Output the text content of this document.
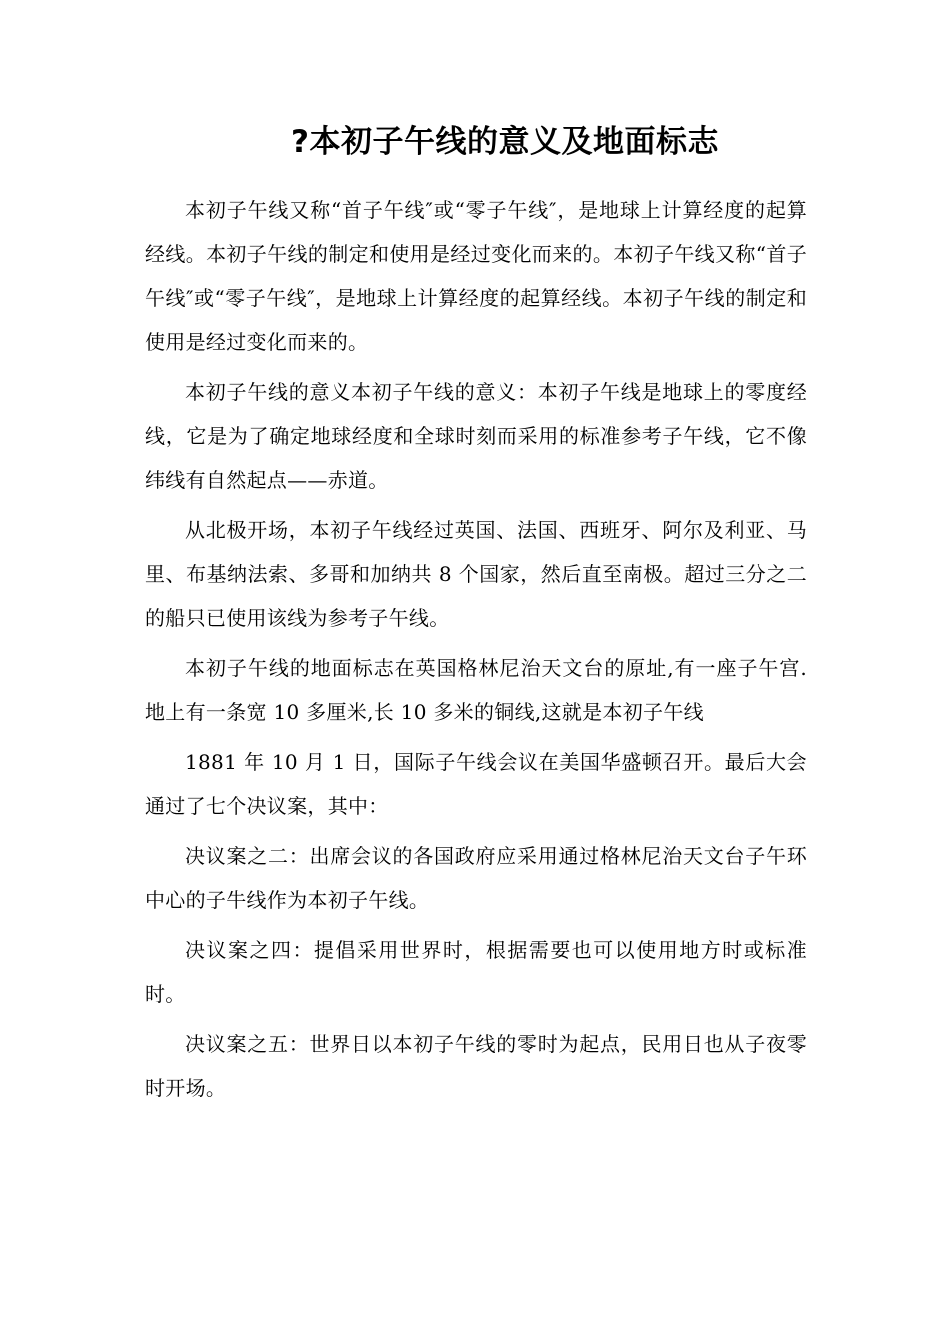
?本初子午线的意义及地面标志

本初子午线又称“首子午线″或“零子午线″，是地球上计算经度的起算经线。本初子午线的制定和使用是经过变化而来的。本初子午线又称“首子午线″或“零子午线″，是地球上计算经度的起算经线。本初子午线的制定和使用是经过变化而来的。

本初子午线的意义本初子午线的意义：本初子午线是地球上的零度经线，它是为了确定地球经度和全球时刻而采用的标准参考子午线，它不像纬线有自然起点——赤道。

从北极开场，本初子午线经过英国、法国、西班牙、阿尔及利亚、马里、布基纳法索、多哥和加纳共 8 个国家，然后直至南极。超过三分之二的船只已使用该线为参考子午线。

本初子午线的地面标志在英国格林尼治天文台的原址,有一座子午宫.地上有一条宽 10 多厘米,长 10 多米的铜线,这就是本初子午线

1881 年 10 月 1 日，国际子午线会议在美国华盛顿召开。最后大会通过了七个决议案，其中：

决议案之二：出席会议的各国政府应采用通过格林尼治天文台子午环中心的子牛线作为本初子午线。

决议案之四：提倡采用世界时，根据需要也可以使用地方时或标准时。

决议案之五：世界日以本初子午线的零时为起点，民用日也从子夜零时开场。
